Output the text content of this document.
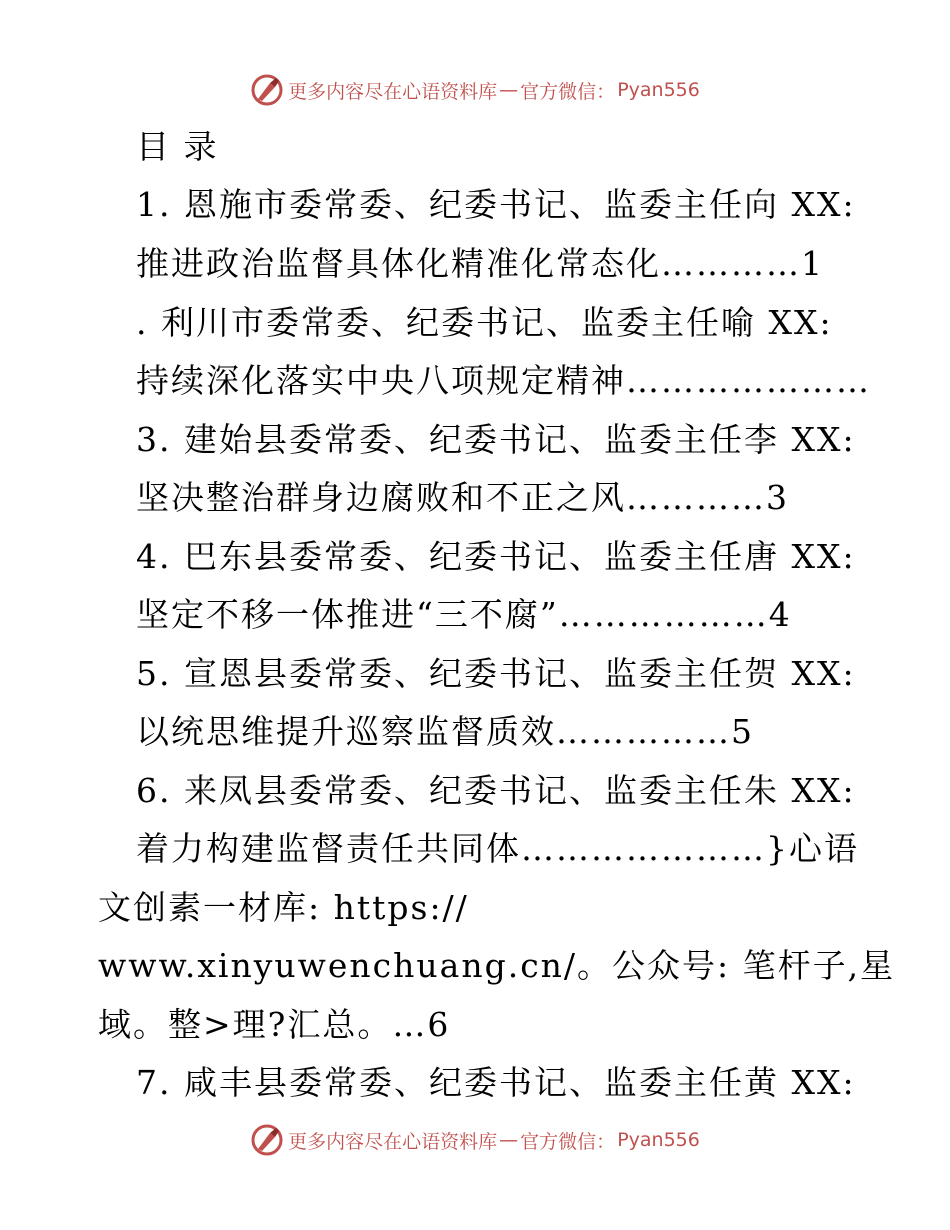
更多内容尽在心语资料库 — 官方微信： Pyan556
目 录
1. 恩施市委常委、纪委书记、监委主任向 XX:
推进政治监督具体化精准化常态化…………1
. 利川市委常委、纪委书记、监委主任喻 XX:
持续深化落实中央八项规定精神…………………
3. 建始县委常委、纪委书记、监委主任李 XX:
坚决整治群身边腐败和不正之风…………3
4. 巴东县委常委、纪委书记、监委主任唐 XX:
坚定不移一体推进“三不腐”………………4
5. 宣恩县委常委、纪委书记、监委主任贺 XX:
以统思维提升巡察监督质效……………5
6. 来凤县委常委、纪委书记、监委主任朱 XX:
着力构建监督责任共同体…………………}心语
文创素一材库: https://
www.xinyuwenchuang.cn/。公众号: 笔杆子,星
域。整>理?汇总。…6
7. 咸丰县委常委、纪委书记、监委主任黄 XX:
更多内容尽在心语资料库 — 官方微信： Pyan556
